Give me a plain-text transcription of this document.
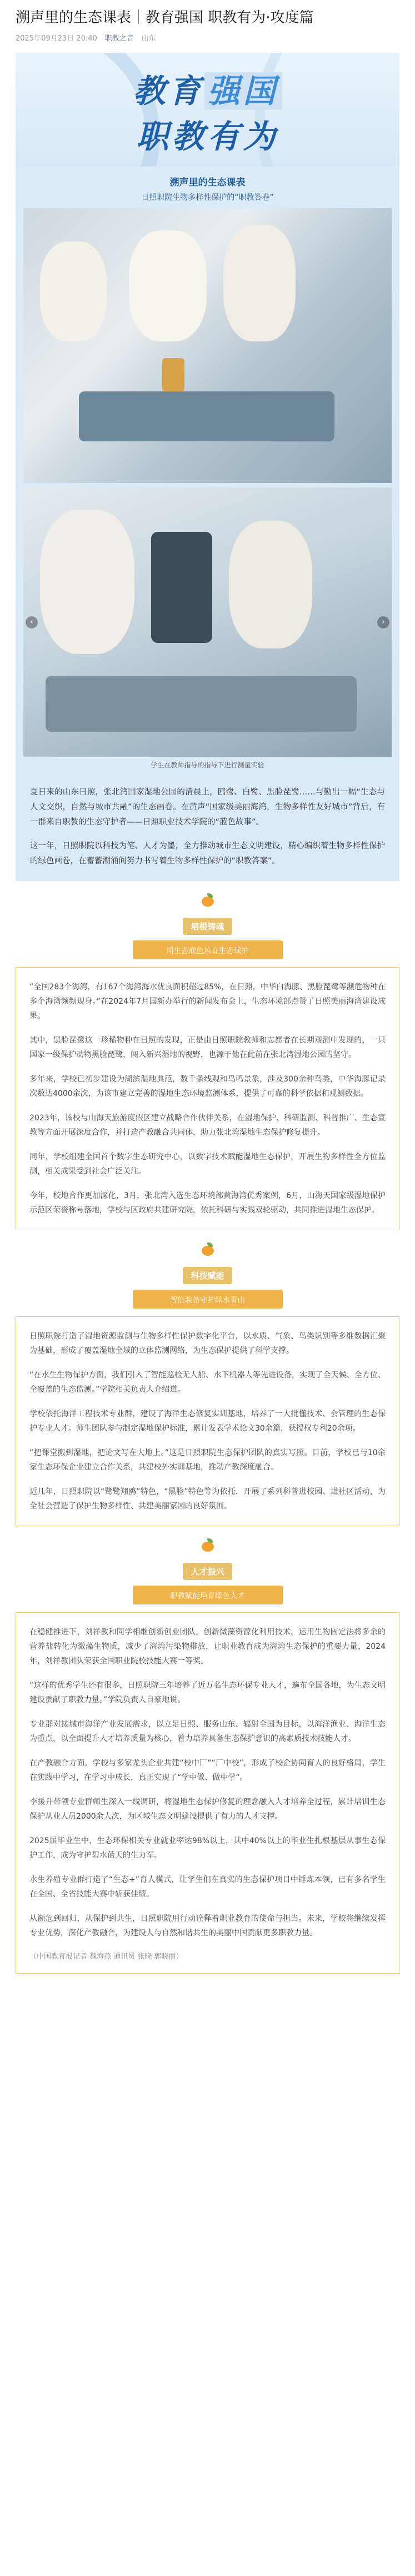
溯声里的生态课表｜教育强国 职教有为·攻度篇
2025年09月23日 20:40 职教之音 山东
教育 强国
职教有为
溯声里的生态课表
日照职院生物多样性保护的“职教答卷”
‹	›
学生在教师指导的指导下进行测量实验

夏日来的山东日照，张北湾国家湿地公园的清晨上，鸥鹭、白鹭、黑脸琵鹭……与勤出一幅“生态与人文交织，自然与城市共融”的生态画卷。在黄声“国家级美丽海湾，生物多样性友好城市”背后，有一群来自职教的生态守护者——日照职业技术学院的“蓝色故事”。

这一年，日照职院以科技为笔、人才为墨，全力推动城市生态文明建设，精心编织着生物多样性保护的绿色画卷，在蓄蓄潮涌间努力书写着生物多样性保护的“职教答案”。

培根铸魂
用生态底色培育生态保护

“全国283个海湾，有167个海湾海水优良面积超过85%，在日照，中华白海豚、黑脸琵鹭等濒危物种在多个海湾频频现身。”在2024年7月国新办举行的新闻发布会上，生态环境部点赞了日照美丽海湾建设成果。

其中，黑脸琵鹭这一珍稀物种在日照的发现，正是由日照职院教师和志愿者在长期观测中发现的，一只国家一级保护动物黑脸琵鹭，闯入新兴湿地的视野，也源于他在此前在张北湾湿地公园的坚守。

多年来，学校已初步建设为湖滨湿地典范，数千条线观和鸟鸣景象，涉及300余种鸟类，中华海豚记录次数达4000余次，为该市建立完善的湿地生态环境监测体系，提供了可靠的科学依据和观测数据。

2023年，该校与山海天旅游度假区建立战略合作伙伴关系，在湿地保护、科研监测、科普推广、生态宣教等方面开展深度合作，并打造产教融合共同体，助力张北湾湿地生态保护修复提升。

同年，学校组建全国首个数字生态研究中心，以数字技术赋能湿地生态保护，开展生物多样性全方位监测，相关成果受到社会广泛关注。

今年，校地合作更加深化，3月，张北湾入选生态环境部黄海湾优秀案例，6月，山海天国家级湿地保护示范区荣誉称号落地，学校与区政府共建研究院，依托科研与实践双轮驱动，共同推进湿地生态保护。

科技赋能
智能装备守护绿水青山

日照职院打造了湿地资源监测与生物多样性保护数字化平台，以水质、气象、鸟类识别等多维数据汇聚为基础，形成了覆盖湿地全域的立体监测网络，为生态保护提供了科学支撑。

“在水生生物保护方面，我们引入了智能巡检无人船、水下机器人等先进设备，实现了全天候、全方位、全覆盖的生态监测。”学院相关负责人介绍道。

学校依托海洋工程技术专业群，建设了海洋生态修复实训基地，培养了一大批懂技术、会管理的生态保护专业人才。师生团队参与制定湿地保护标准，累计发表学术论文30余篇，获授权专利20余项。

“把课堂搬到湿地，把论文写在大地上。”这是日照职院生态保护团队的真实写照。目前，学校已与10余家生态环保企业建立合作关系，共建校外实训基地，推动产教深度融合。

近几年，日照职院以“鹭鹭翔鸥”特色，“黑脸”特色等为依托，开展了系列科普进校园、进社区活动，为全社会营造了保护生物多样性、共建美丽家园的良好氛围。

人才振兴
职教赋能培育绿色人才

在稳健推进下，刘祥教和同学相继创新创业团队，创新微藻资源化利用技术，运用生物固定法将多余的营养盐转化为微藻生物质，减少了海湾污染物排放，让职业教育成为海湾生态保护的重要力量，2024年，刘祥教团队荣获全国职业院校技能大赛一等奖。

“这样的优秀学生还有很多，日照职院三年培养了近万名生态环保专业人才，遍布全国各地，为生态文明建设贡献了职教力量。”学院负责人自豪地说。

专业群对接城市海洋产业发展需求，以立足日照、服务山东、辐射全国为目标，以海洋渔业、海洋生态为重点，以全面提升人才培养质量为核心，着力培养具备生态保护意识的高素质技术技能人才。

在产教融合方面，学校与多家龙头企业共建“校中厂”“厂中校”，形成了校企协同育人的良好格局，学生在实践中学习，在学习中成长，真正实现了“学中做、做中学”。

李援升带领专业群师生深入一线调研，将湿地生态保护修复的理念融入人才培养全过程，累计培训生态保护从业人员2000余人次，为区域生态文明建设提供了有力的人才支撑。

2025届毕业生中，生态环保相关专业就业率达98%以上，其中40%以上的毕业生扎根基层从事生态保护工作，成为守护碧水蓝天的生力军。

水生养殖专业群打造了“生态+”育人模式，让学生们在真实的生态保护项目中锤炼本领，已有多名学生在全国、全省技能大赛中斩获佳绩。

从濒危到回归，从保护到共生，日照职院用行动诠释着职业教育的使命与担当。未来，学校将继续发挥专业优势，深化产教融合，为建设人与自然和谐共生的美丽中国贡献更多职教力量。

（中国教育报记者 魏海燕 通讯员 张晓 郭晓丽）
